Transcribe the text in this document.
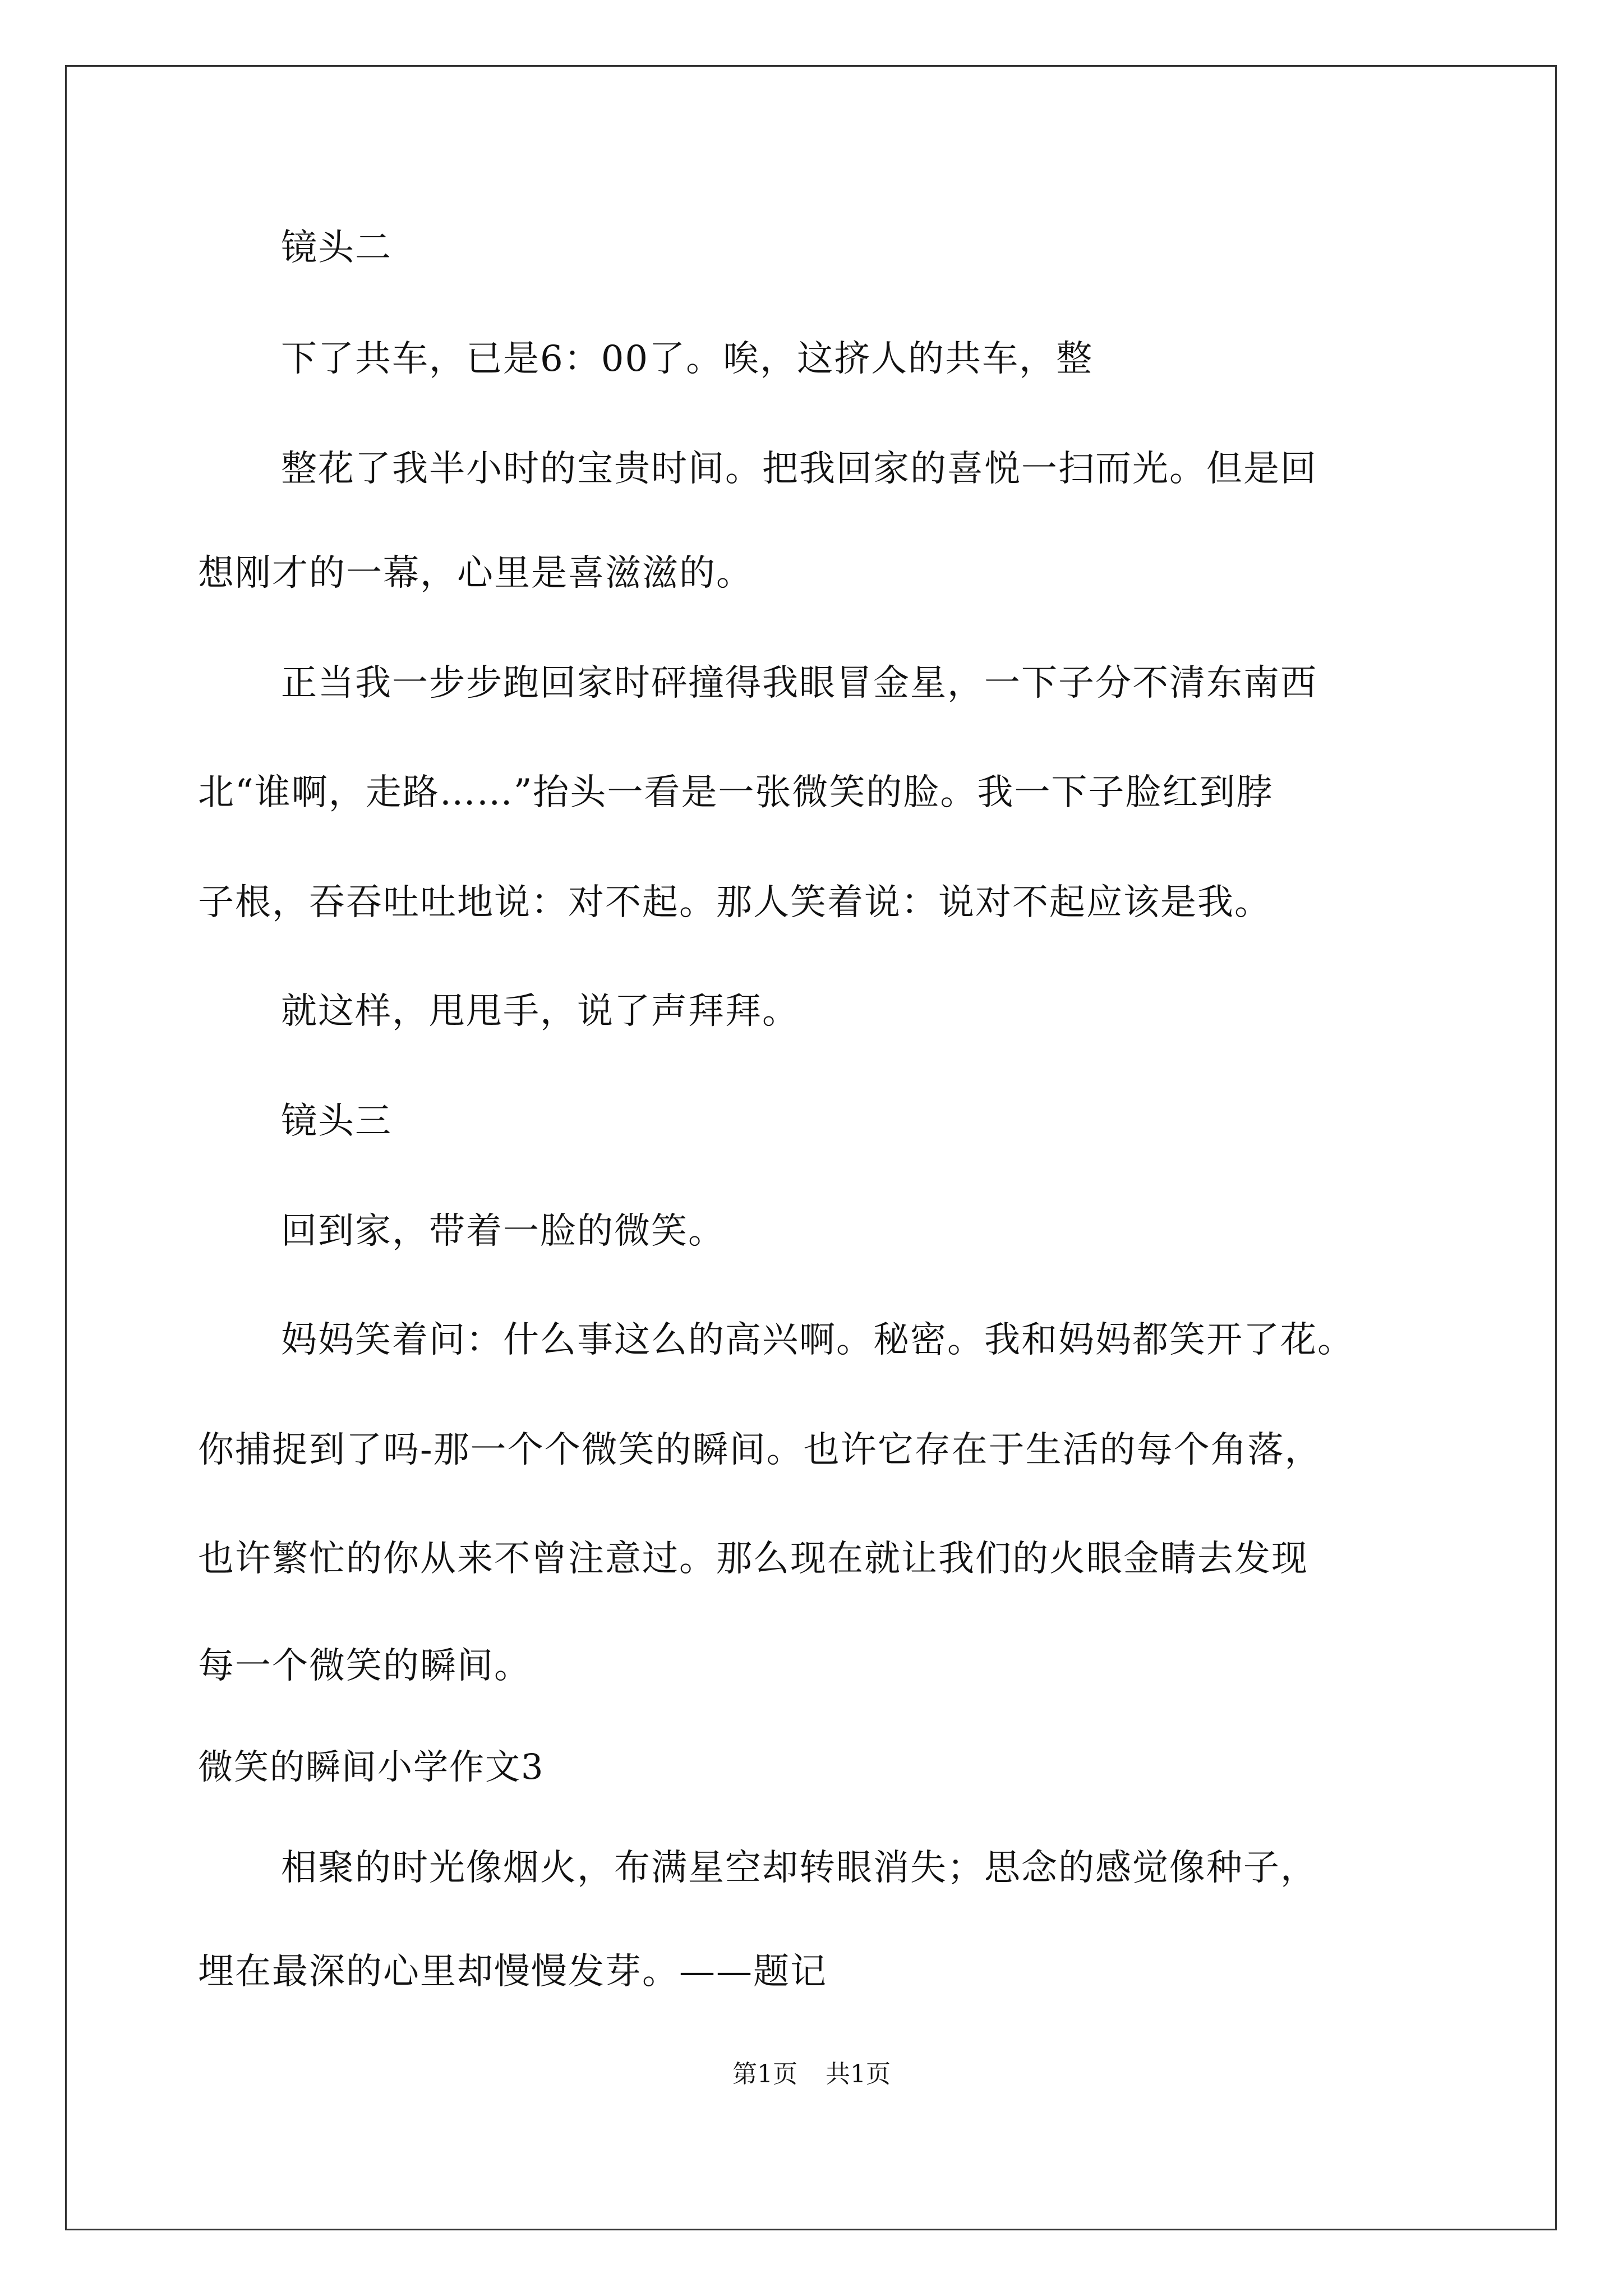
镜头二
下了共车，已是6：00了。唉，这挤人的共车，整
整花了我半小时的宝贵时间。把我回家的喜悦一扫而光。但是回
想刚才的一幕，心里是喜滋滋的。
正当我一步步跑回家时砰撞得我眼冒金星，一下子分不清东南西
北“谁啊，走路……”抬头一看是一张微笑的脸。我一下子脸红到脖
子根，吞吞吐吐地说：对不起。那人笑着说：说对不起应该是我。
就这样，甩甩手，说了声拜拜。
镜头三
回到家，带着一脸的微笑。
妈妈笑着问：什么事这么的高兴啊。秘密。我和妈妈都笑开了花。
你捕捉到了吗-那一个个微笑的瞬间。也许它存在于生活的每个角落，
也许繁忙的你从来不曾注意过。那么现在就让我们的火眼金睛去发现
每一个微笑的瞬间。
微笑的瞬间小学作文3
相聚的时光像烟火，布满星空却转眼消失；思念的感觉像种子，
埋在最深的心里却慢慢发芽。——题记
第1页 共1页
